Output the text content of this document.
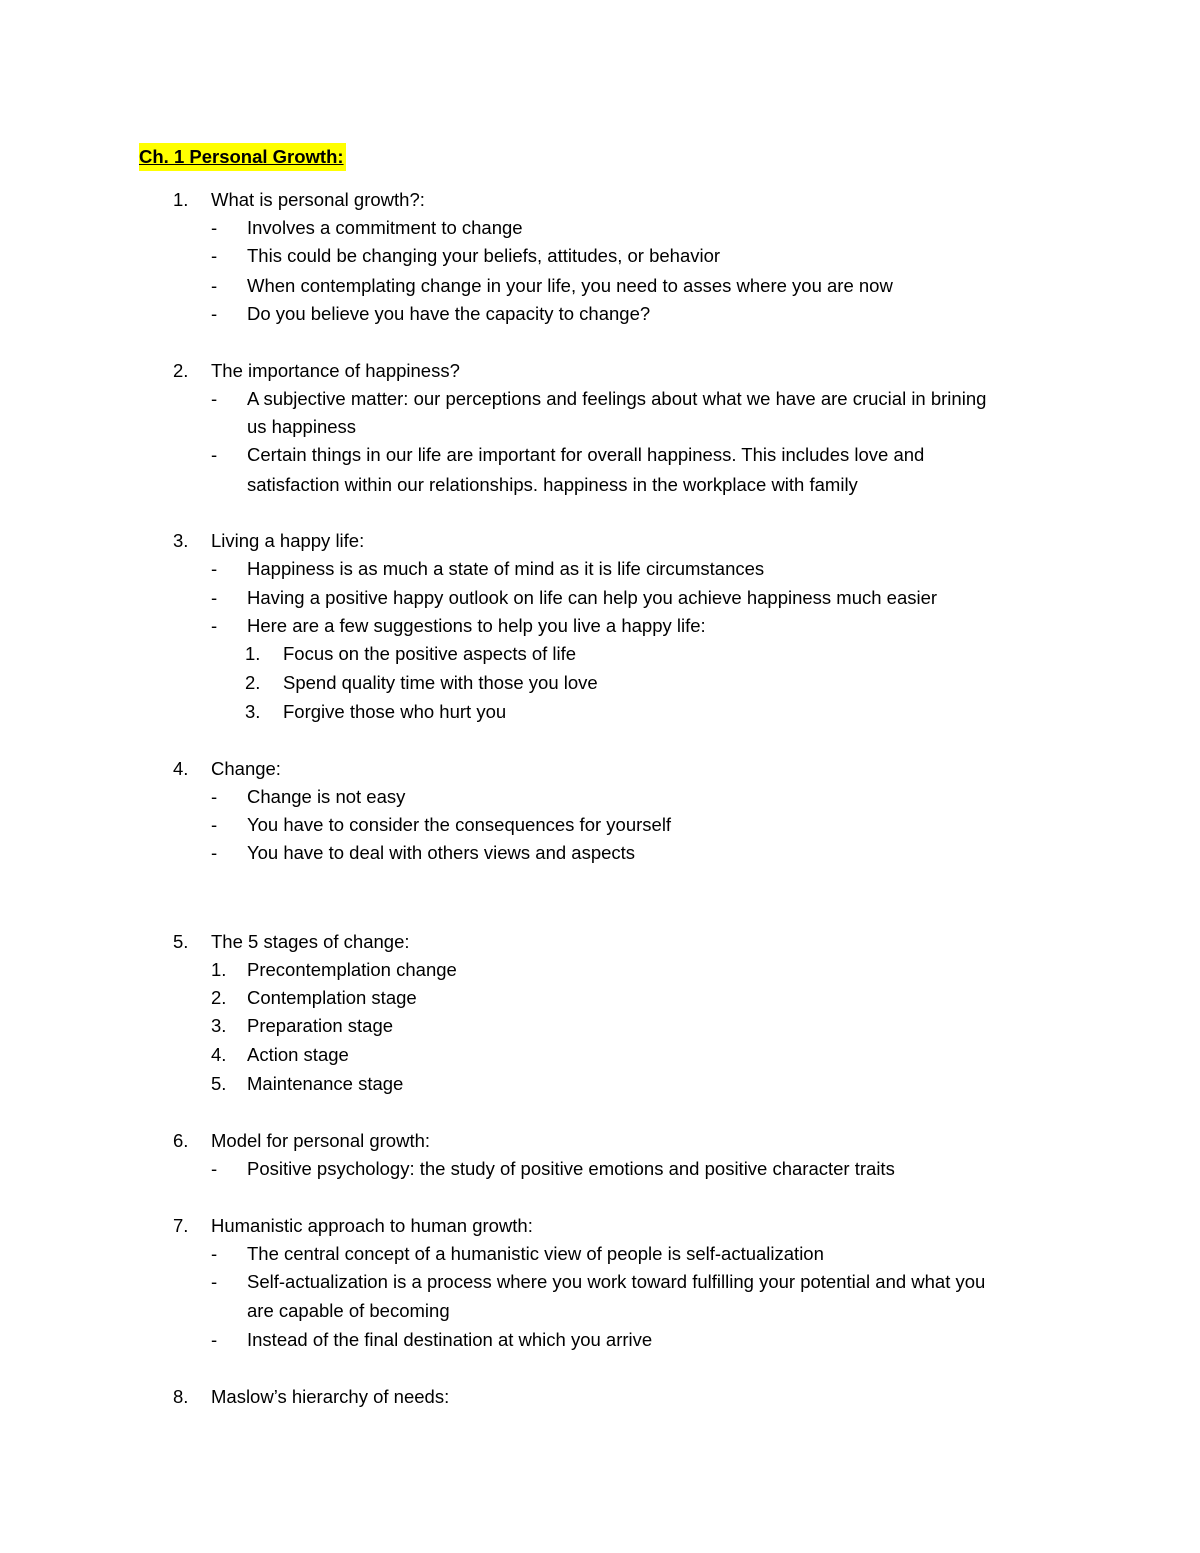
Ch. 1 Personal Growth:
1.	What is personal growth?:
-	Involves a commitment to change
-	This could be changing your beliefs, attitudes, or behavior
-	When contemplating change in your life, you need to asses where you are now
-	Do you believe you have the capacity to change?
2.	The importance of happiness?
-	A subjective matter: our perceptions and feelings about what we have are crucial in brining
us happiness
-	Certain things in our life are important for overall happiness. This includes love and
satisfaction within our relationships. happiness in the workplace with family
3.	Living a happy life:
-	Happiness is as much a state of mind as it is life circumstances
-	Having a positive happy outlook on life can help you achieve happiness much easier
-	Here are a few suggestions to help you live a happy life:
1. Focus on the positive aspects of life
2. Spend quality time with those you love
3. Forgive those who hurt you
4.	Change:
-	Change is not easy
-	You have to consider the consequences for yourself
-	You have to deal with others views and aspects
5.	The 5 stages of change:
1. Precontemplation change
2. Contemplation stage
3. Preparation stage
4. Action stage
5. Maintenance stage
6.	Model for personal growth:
-	Positive psychology: the study of positive emotions and positive character traits
7.	Humanistic approach to human growth:
-	The central concept of a humanistic view of people is self-actualization
-	Self-actualization is a process where you work toward fulfilling your potential and what you
are capable of becoming
-	Instead of the final destination at which you arrive
8.	Maslow’s hierarchy of needs:
